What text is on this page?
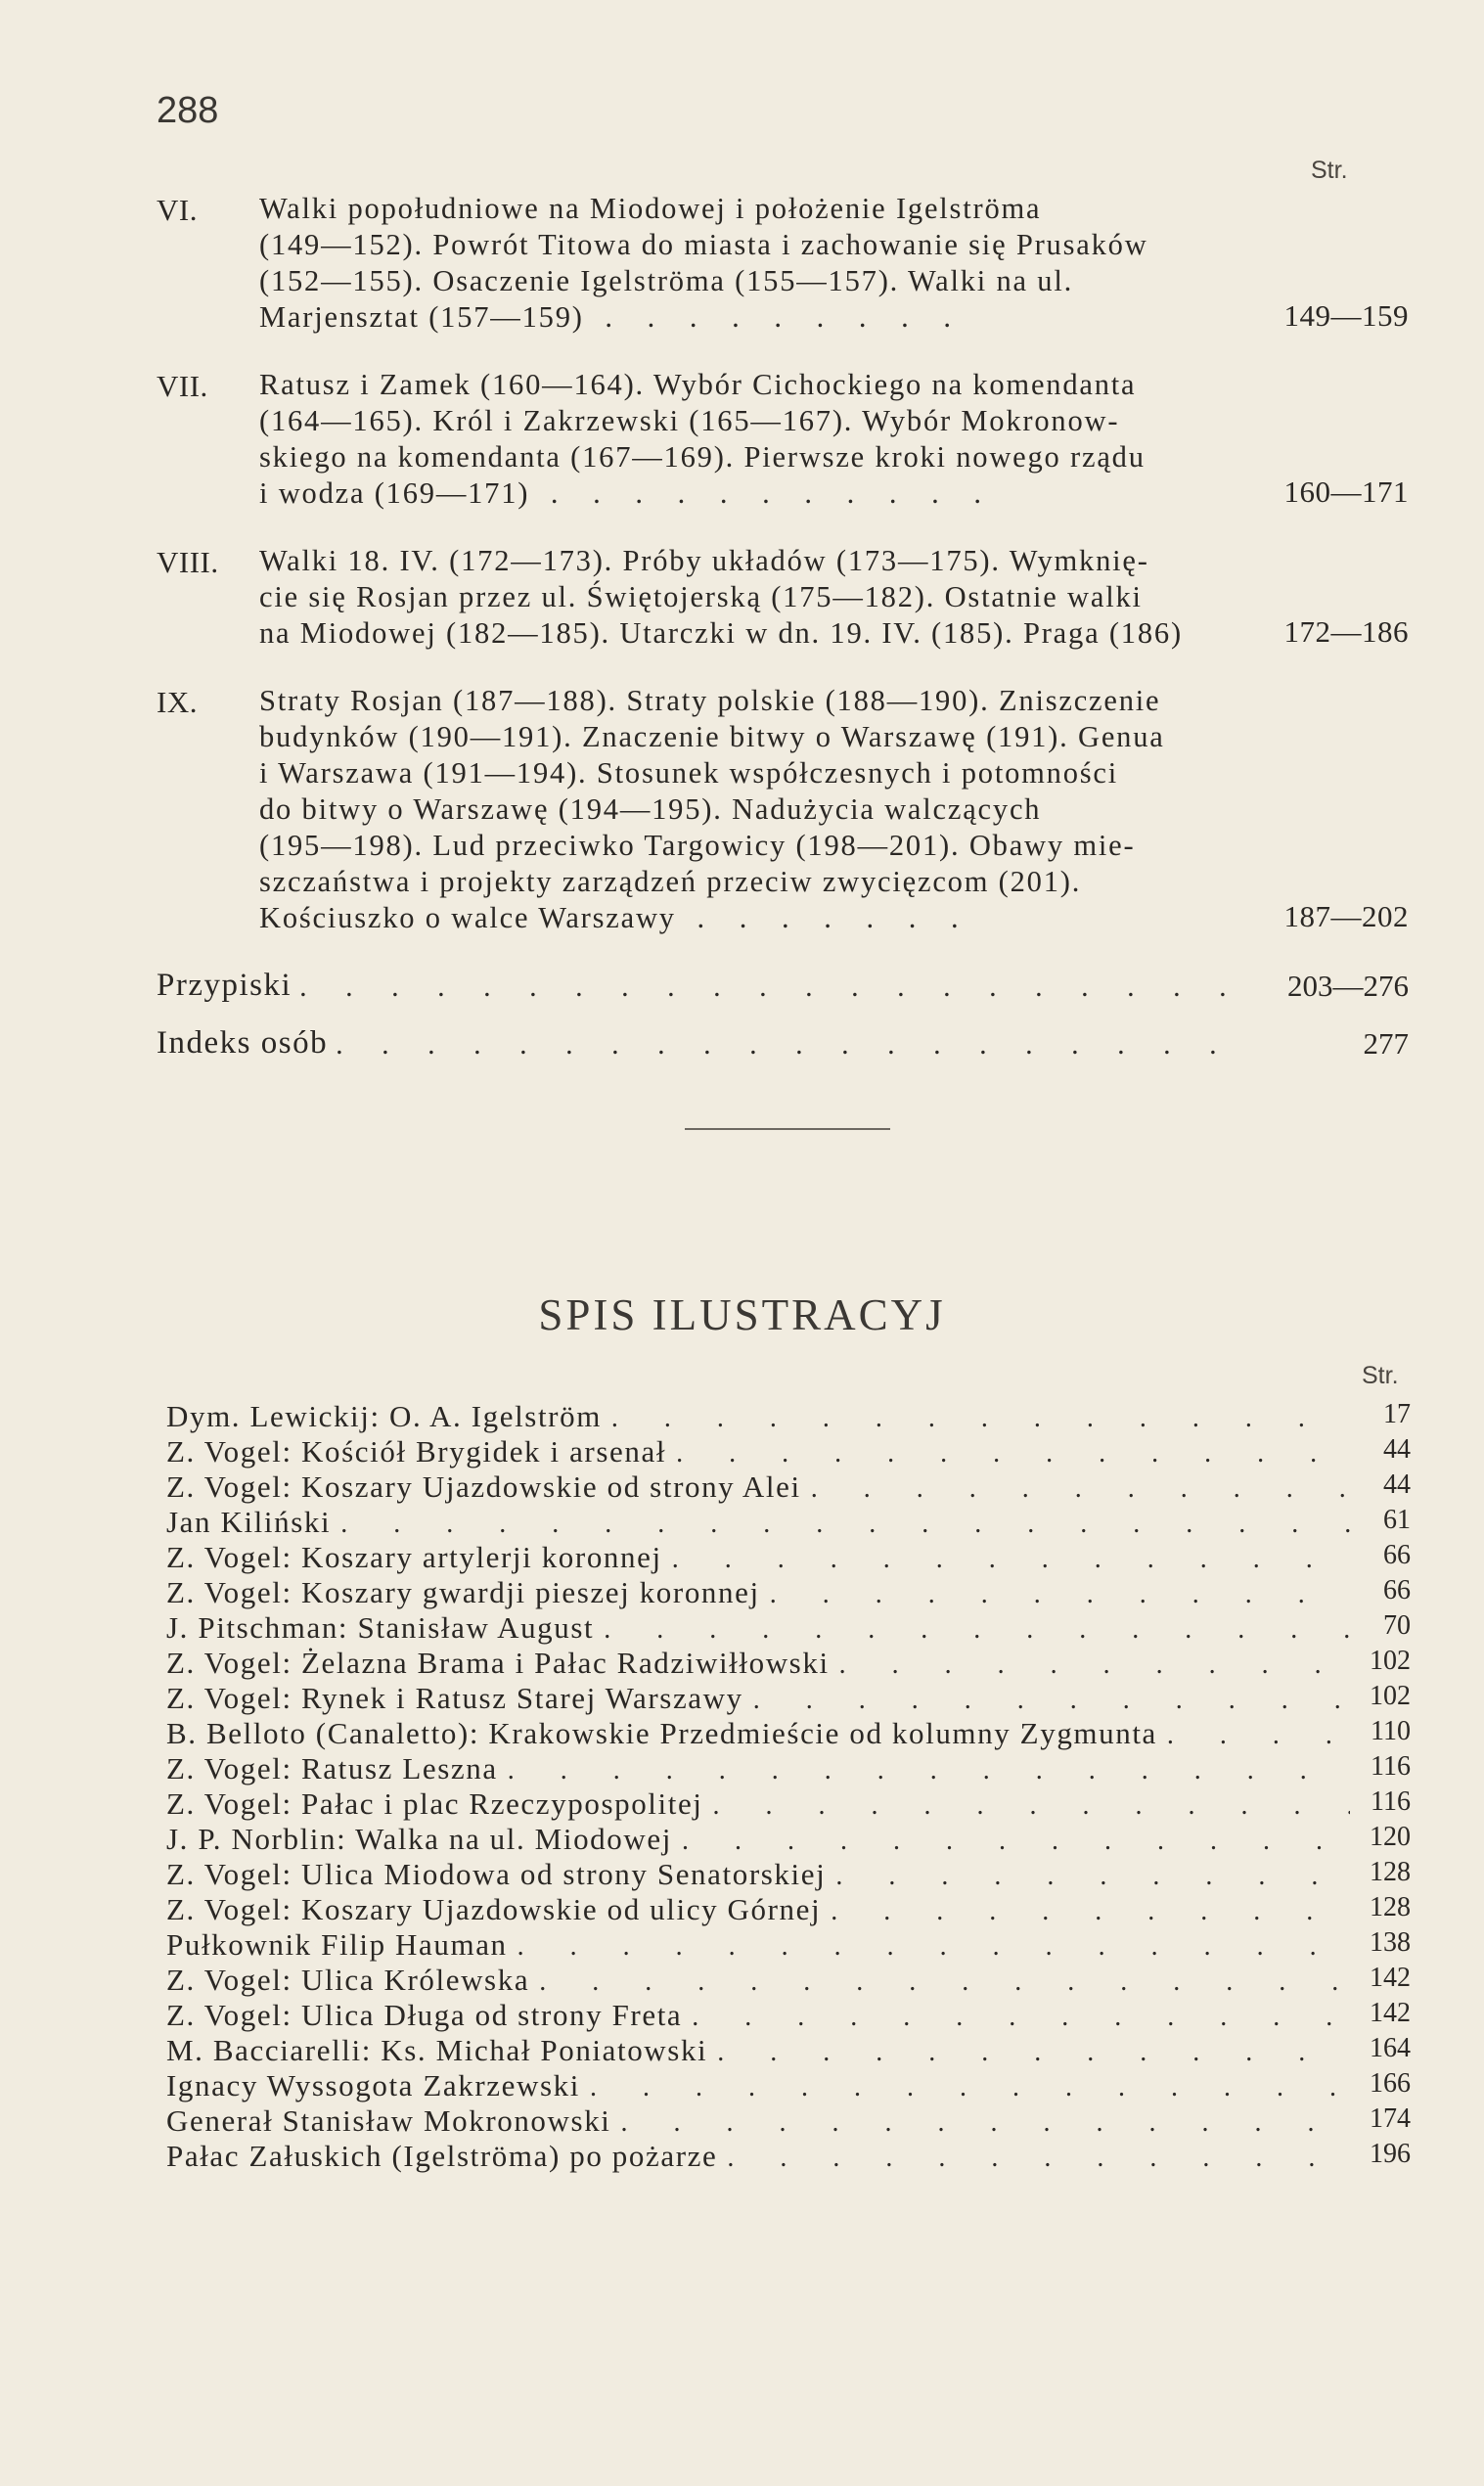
288
Str.
VI.	Walki popołudniowe na Miodowej i położenie Igelströma
(149—152). Powrót Titowa do miasta i zachowanie się Prusaków
(152—155). Osaczenie Igelströma (155—157). Walki na ul.
Marjensztat (157—159) . . . . . . . . .	149—159
VII.	Ratusz i Zamek (160—164). Wybór Cichockiego na komendanta
(164—165). Król i Zakrzewski (165—167). Wybór Mokronow-
skiego na komendanta (167—169). Pierwsze kroki nowego rządu
i wodza (169—171) . . . . . . . . . . .	160—171
VIII.	Walki 18. IV. (172—173). Próby układów (173—175). Wymknię-
cie się Rosjan przez ul. Świętojerską (175—182). Ostatnie walki
na Miodowej (182—185). Utarczki w dn. 19. IV. (185). Praga (186)	172—186
IX.	Straty Rosjan (187—188). Straty polskie (188—190). Zniszczenie
budynków (190—191). Znaczenie bitwy o Warszawę (191). Genua
i Warszawa (191—194). Stosunek współczesnych i potomności
do bitwy o Warszawę (194—195). Nadużycia walczących
(195—198). Lud przeciwko Targowicy (198—201). Obawy mie-
szczaństwa i projekty zarządzeń przeciw zwycięzcom (201).
Kościuszko o walce Warszawy . . . . . . .	187—202
Przypiski . . .	203—276
Indeks osób . . .	277
SPIS ILUSTRACYJ
Str.
Dym. Lewickij: O. A. Igelström . . .	17
Z. Vogel: Kościół Brygidek i arsenał . . .	44
Z. Vogel: Koszary Ujazdowskie od strony Alei . . .	44
Jan Kiliński . . .	61
Z. Vogel: Koszary artylerji koronnej . . .	66
Z. Vogel: Koszary gwardji pieszej koronnej . . .	66
J. Pitschman: Stanisław August . . .	70
Z. Vogel: Żelazna Brama i Pałac Radziwiłłowski . . .	102
Z. Vogel: Rynek i Ratusz Starej Warszawy . . .	102
B. Belloto (Canaletto): Krakowskie Przedmieście od kolumny Zygmunta . . .	110
Z. Vogel: Ratusz Leszna . . .	116
Z. Vogel: Pałac i plac Rzeczypospolitej . . .	116
J. P. Norblin: Walka na ul. Miodowej . . .	120
Z. Vogel: Ulica Miodowa od strony Senatorskiej . . .	128
Z. Vogel: Koszary Ujazdowskie od ulicy Górnej . . .	128
Pułkownik Filip Hauman . . .	138
Z. Vogel: Ulica Królewska . . .	142
Z. Vogel: Ulica Długa od strony Freta . . .	142
M. Bacciarelli: Ks. Michał Poniatowski . . .	164
Ignacy Wyssogota Zakrzewski . . .	166
Generał Stanisław Mokronowski . . .	174
Pałac Załuskich (Igelströma) po pożarze . . .	196
